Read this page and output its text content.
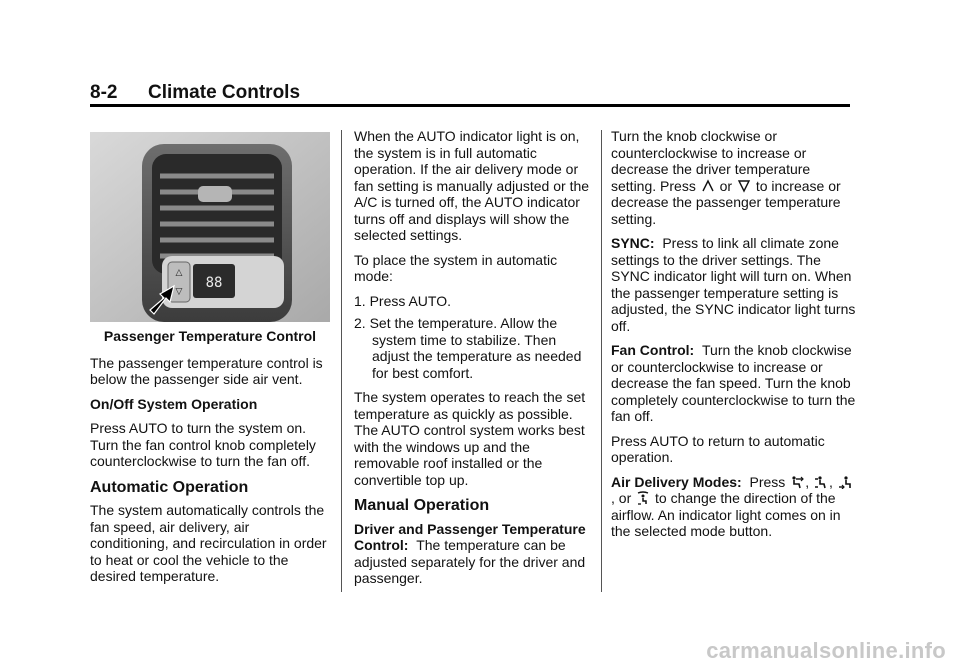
8-2 Climate Controls
△
▽
88
Passenger Temperature Control

The passenger temperature control is below the passenger side air vent.

On/Off System Operation

Press AUTO to turn the system on. Turn the fan control knob completely counterclockwise to turn the fan off.

Automatic Operation

The system automatically controls the fan speed, air delivery, air conditioning, and recirculation in order to heat or cool the vehicle to the desired temperature.

When the AUTO indicator light is on, the system is in full automatic operation. If the air delivery mode or fan setting is manually adjusted or the A/C is turned off, the AUTO indicator turns off and displays will show the selected settings.

To place the system in automatic mode:

1. Press AUTO.
2. Set the temperature. Allow the system time to stabilize. Then adjust the temperature as needed for best comfort.

The system operates to reach the set temperature as quickly as possible. The AUTO control system works best with the windows up and the removable roof installed or the convertible top up.

Manual Operation

Driver and Passenger Temperature Control: The temperature can be adjusted separately for the driver and passenger.

Turn the knob clockwise or counterclockwise to increase or decrease the driver temperature setting. Press or to increase or decrease the passenger temperature setting.

SYNC: Press to link all climate zone settings to the driver settings. The SYNC indicator light will turn on. When the passenger temperature setting is adjusted, the SYNC indicator light turns off.

Fan Control: Turn the knob clockwise or counterclockwise to increase or decrease the fan speed. Turn the knob completely counterclockwise to turn the fan off.

Press AUTO to return to automatic operation.

Air Delivery Modes: Press , , , or to change the direction of the airflow. An indicator light comes on in the selected mode button.

carmanualsonline.info
